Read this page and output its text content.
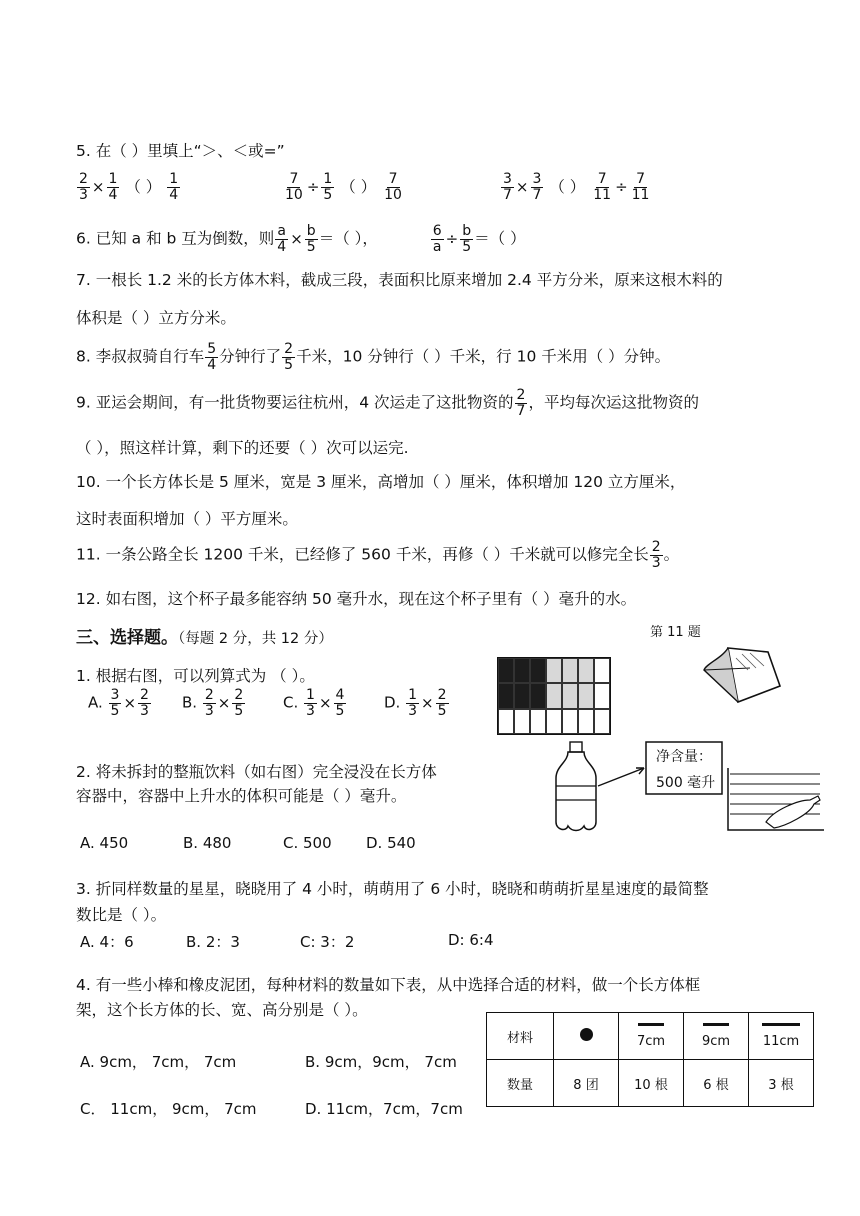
5. 在（ ）里填上“＞、＜或=”
$\frac{2}{3} \times \frac{1}{4}$ （ ） $\frac{1}{4}$	$\frac{7}{10} \div \frac{1}{5}$ （ ） $\frac{7}{10}$	$\frac{3}{7} \times \frac{3}{7}$ （ ） $\frac{7}{11} \div \frac{7}{11}$
6. 已知 a 和 b 互为倒数，则 $\frac{a}{4} \times \frac{b}{5}$ ＝（ ），	$\frac{6}{a} \div \frac{b}{5}$ ＝（ ）
7. 一根长 1.2 米的长方体木料，截成三段，表面积比原来增加 2.4 平方分米，原来这根木料的
体积是（ ）立方分米。
8. 李叔叔骑自行车 $\frac{5}{4}$ 分钟行了 $\frac{2}{5}$ 千米，10 分钟行（ ）千米，行 10 千米用（ ）分钟。
9. 亚运会期间，有一批货物要运往杭州，4 次运走了这批物资的 $\frac{2}{7}$ ，平均每次运这批物资的
（ ），照这样计算，剩下的还要（ ）次可以运完.
10. 一个长方体长是 5 厘米，宽是 3 厘米，高增加（ ）厘米，体积增加 120 立方厘米，
这时表面积增加（ ）平方厘米。
11. 一条公路全长 1200 千米，已经修了 560 千米，再修（ ）千米就可以修完全长 $\frac{2}{3}$ 。
12. 如右图，这个杯子最多能容纳 50 毫升水，现在这个杯子里有（ ）毫升的水。
三、选择题。（每题 2 分，共 12 分）	第 11 题
1. 根据右图，可以列算式为 （ ）。
A. $\frac{3}{5} \times \frac{2}{3} B$. $\frac{2}{3} \times \frac{2}{5}$	C. $\frac{1}{3} \times \frac{4}{5}$	D. $\frac{1}{3} \times \frac{2}{5}$
2. 将未拆封的整瓶饮料（如右图）完全浸没在长方体
容器中，容器中上升水的体积可能是（ ）毫升。
A. 450	B. 480	C. 500 D. 540
净含量：
500 毫升
3. 折同样数量的星星，晓晓用了 4 小时，萌萌用了 6 小时，晓晓和萌萌折星星速度的最简整
数比是（ ）。
A. 4：6	B. 2：3	C: 3：2	D: 6:4
4. 有一些小棒和橡皮泥团，每种材料的数量如下表，从中选择合适的材料，做一个长方体框
架，这个长方体的长、宽、高分别是（ ）。
A. 9cm， 7cm， 7cm	B. 9cm，9cm， 7cm
C． 11cm， 9cm， 7cm	D. 11cm，7cm，7cm
材料		7cm	9cm	11cm
数量	8 团	10 根	6 根	3 根
